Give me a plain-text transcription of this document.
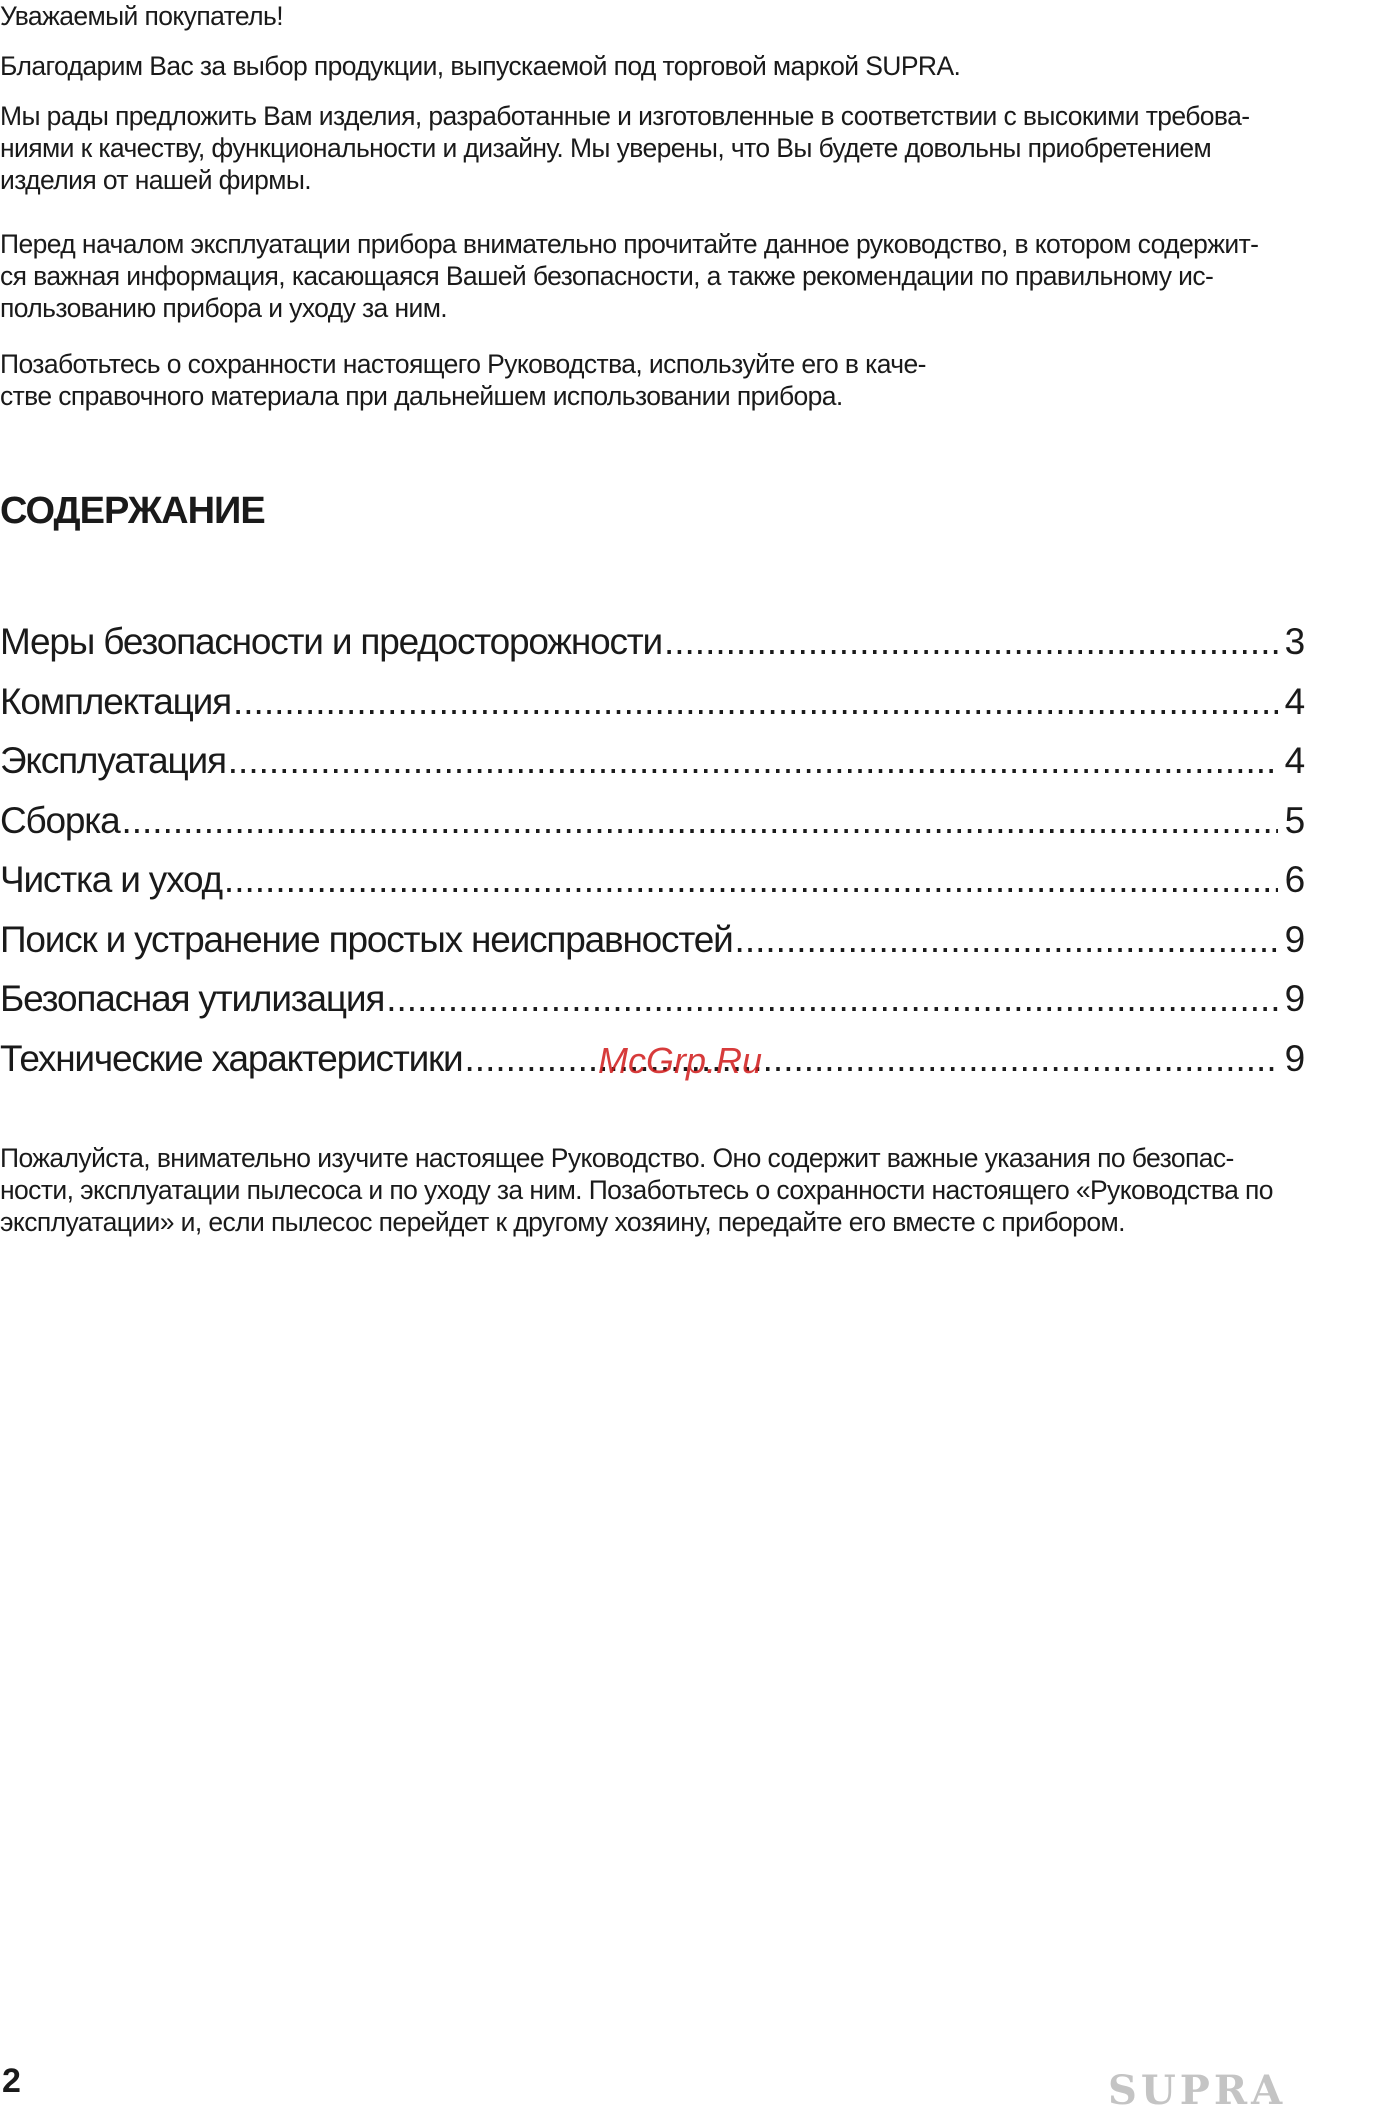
Уважаемый покупатель!

Благодарим Вас за выбор продукции, выпускаемой под торговой маркой SUPRA.

Мы рады предложить Вам изделия, разработанные и изготовленные в соответствии с высокими требова-
ниями к качеству, функциональности и дизайну. Мы уверены, что Вы будете довольны приобретением
изделия от нашей фирмы.

Перед началом эксплуатации прибора внимательно прочитайте данное руководство, в котором содержит-
ся важная информация, касающаяся Вашей безопасности, а также рекомендации по правильному ис-
пользованию прибора и уходу за ним.

Позаботьтесь о сохранности настоящего Руководства, используйте его в каче-
стве справочного материала при дальнейшем использовании прибора.

СОДЕРЖАНИЕ
Меры безопасности и предосторожности .....	3
Комплектация .....	4
Эксплуатация .....	4
Сборка .....	5
Чистка и уход .....	6
Поиск и устранение простых неисправностей .....	9
Безопасная утилизация .....	9
Технические характеристики .....	9

McGrp.Ru

Пожалуйста, внимательно изучите настоящее Руководство. Оно содержит важные указания по безопас-
ности, эксплуатации пылесоса и по уходу за ним. Позаботьтесь о сохранности настоящего «Руководства по
эксплуатации» и, если пылесос перейдет к другому хозяину, передайте его вместе с прибором.

2	SUPRA
